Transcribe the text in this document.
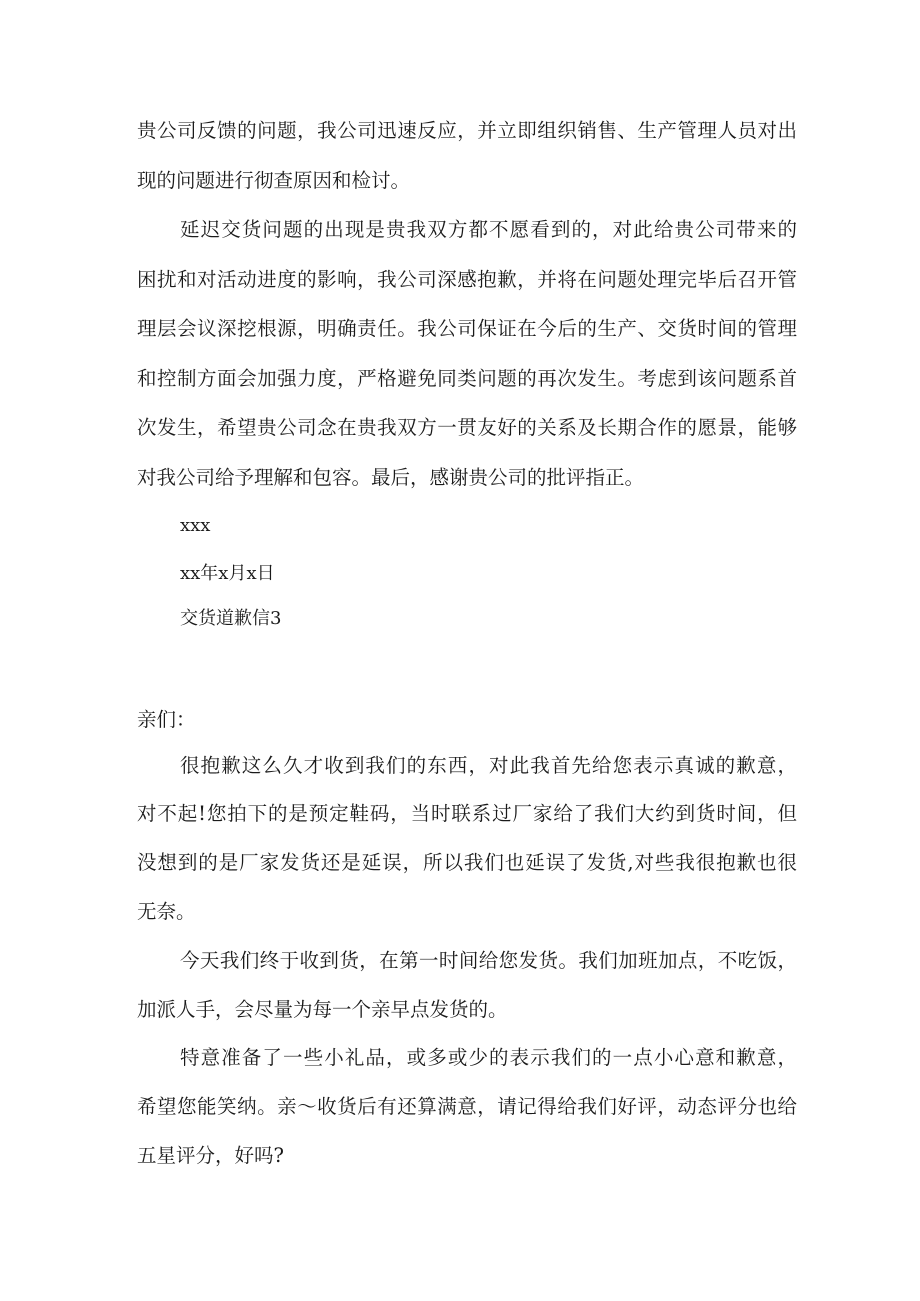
贵公司反馈的问题，我公司迅速反应，并立即组织销售、生产管理人员对出
现的问题进行彻查原因和检讨。
延迟交货问题的出现是贵我双方都不愿看到的，对此给贵公司带来的
困扰和对活动进度的影响，我公司深感抱歉，并将在问题处理完毕后召开管
理层会议深挖根源，明确责任。我公司保证在今后的生产、交货时间的管理
和控制方面会加强力度，严格避免同类问题的再次发生。考虑到该问题系首
次发生，希望贵公司念在贵我双方一贯友好的关系及长期合作的愿景，能够
对我公司给予理解和包容。最后，感谢贵公司的批评指正。
xxx
xx年x月x日
交货道歉信3
亲们：
很抱歉这么久才收到我们的东西，对此我首先给您表示真诚的歉意，
对不起!您拍下的是预定鞋码，当时联系过厂家给了我们大约到货时间，但
没想到的是厂家发货还是延误，所以我们也延误了发货,对些我很抱歉也很
无奈。
今天我们终于收到货，在第一时间给您发货。我们加班加点，不吃饭，
加派人手，会尽量为每一个亲早点发货的。
特意准备了一些小礼品，或多或少的表示我们的一点小心意和歉意，
希望您能笑纳。亲～收货后有还算满意，请记得给我们好评，动态评分也给
五星评分，好吗?
